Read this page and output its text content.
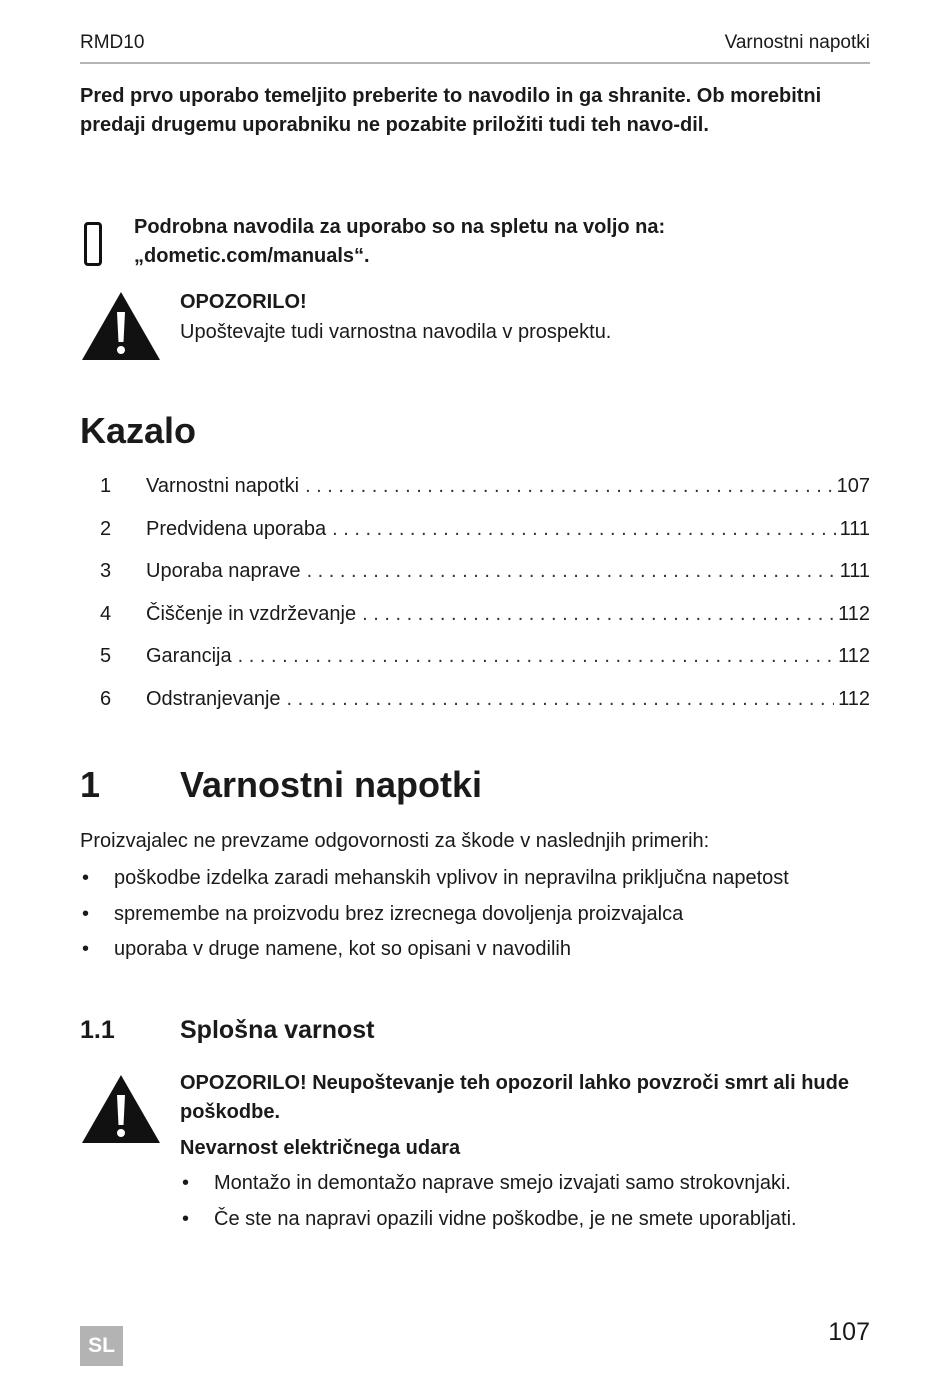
RMD10	Varnostni napotki
Pred prvo uporabo temeljito preberite to navodilo in ga shranite. Ob morebitni predaji drugemu uporabniku ne pozabite priložiti tudi teh navo-dil.
Podrobna navodila za uporabo so na spletu na voljo na:
„dometic.com/manuals“.
OPOZORILO!
Upoštevajte tudi varnostna navodila v prospektu.
Kazalo
1	Varnostni napotki . . .	107
2	Predvidena uporaba . . .	111
3	Uporaba naprave . . .	111
4	Čiščenje in vzdrževanje . . .	112
5	Garancija . . .	112
6	Odstranjevanje . . .	112
1 Varnostni napotki
Proizvajalec ne prevzame odgovornosti za škode v naslednjih primerih:
• poškodbe izdelka zaradi mehanskih vplivov in nepravilna priključna napetost
• spremembe na proizvodu brez izrecnega dovoljenja proizvajalca
• uporaba v druge namene, kot so opisani v navodilih
1.1	Splošna varnost
OPOZORILO! Neupoštevanje teh opozoril lahko povzroči smrt ali hude poškodbe.
Nevarnost električnega udara
• Montažo in demontažo naprave smejo izvajati samo strokovnjaki.
• Če ste na napravi opazili vidne poškodbe, je ne smete uporabljati.
SL	107
